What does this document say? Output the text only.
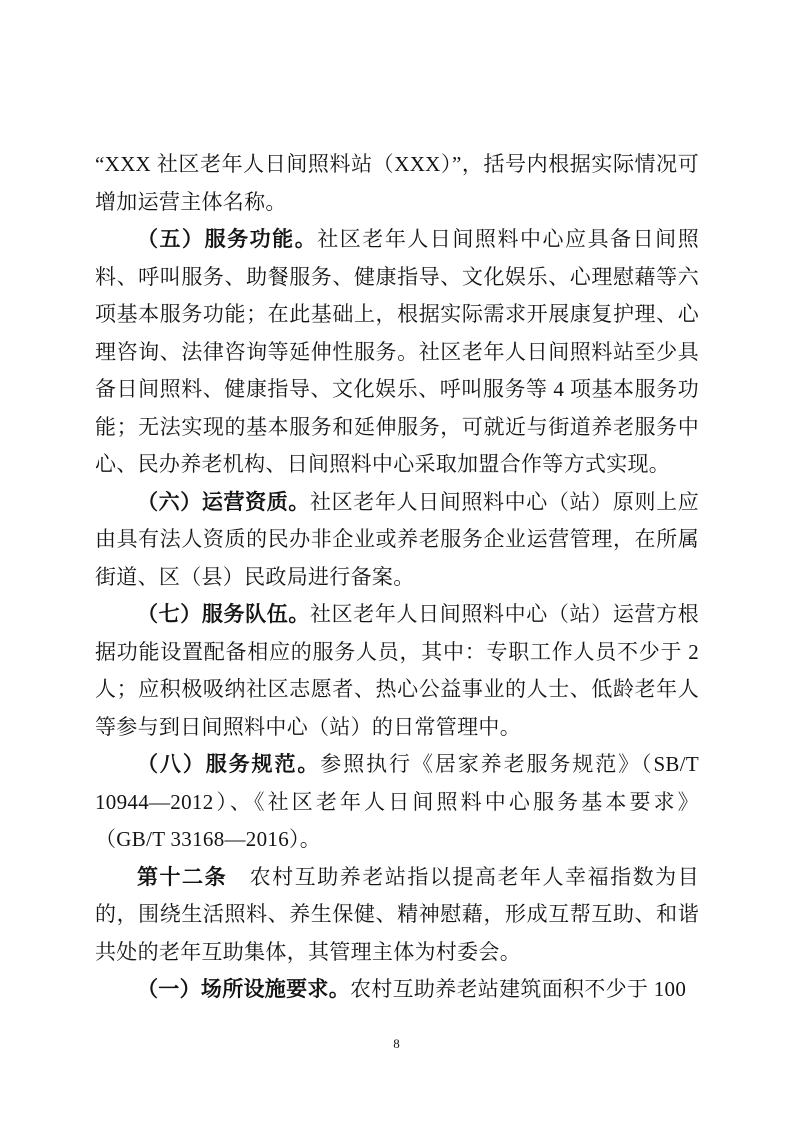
“XXX 社区老年人日间照料站（XXX）”，括号内根据实际情况可增加运营主体名称。

（五）服务功能。社区老年人日间照料中心应具备日间照料、呼叫服务、助餐服务、健康指导、文化娱乐、心理慰藉等六项基本服务功能；在此基础上，根据实际需求开展康复护理、心理咨询、法律咨询等延伸性服务。社区老年人日间照料站至少具备日间照料、健康指导、文化娱乐、呼叫服务等 4 项基本服务功能；无法实现的基本服务和延伸服务，可就近与街道养老服务中心、民办养老机构、日间照料中心采取加盟合作等方式实现。

（六）运营资质。社区老年人日间照料中心（站）原则上应由具有法人资质的民办非企业或养老服务企业运营管理，在所属街道、区（县）民政局进行备案。

（七）服务队伍。社区老年人日间照料中心（站）运营方根据功能设置配备相应的服务人员，其中：专职工作人员不少于 2 人；应积极吸纳社区志愿者、热心公益事业的人士、低龄老年人等参与到日间照料中心（站）的日常管理中。

（八）服务规范。参照执行《居家养老服务规范》（SB/T 10944—2012）、《社区老年人日间照料中心服务基本要求》（GB/T 33168—2016）。

第十二条　农村互助养老站指以提高老年人幸福指数为目的，围绕生活照料、养生保健、精神慰藉，形成互帮互助、和谐共处的老年互助集体，其管理主体为村委会。

（一）场所设施要求。农村互助养老站建筑面积不少于 100

8
